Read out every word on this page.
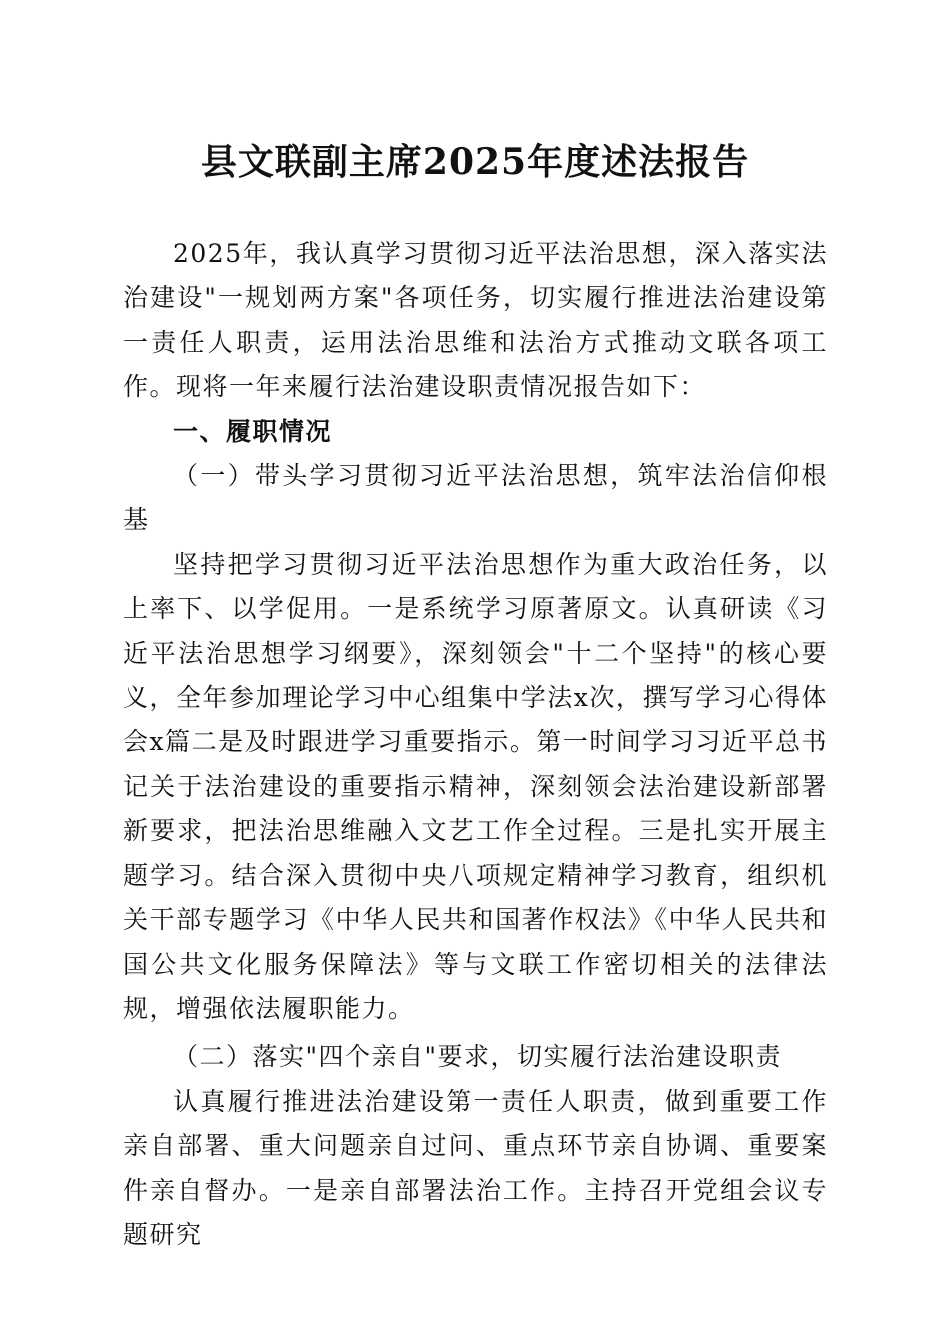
县文联副主席2025年度述法报告

2025年，我认真学习贯彻习近平法治思想，深入落实法治建设"一规划两方案"各项任务，切实履行推进法治建设第一责任人职责，运用法治思维和法治方式推动文联各项工作。现将一年来履行法治建设职责情况报告如下：

一、履职情况

（一）带头学习贯彻习近平法治思想，筑牢法治信仰根基

坚持把学习贯彻习近平法治思想作为重大政治任务，以上率下、以学促用。一是系统学习原著原文。认真研读《习近平法治思想学习纲要》，深刻领会"十二个坚持"的核心要义，全年参加理论学习中心组集中学法x次，撰写学习心得体会x篇二是及时跟进学习重要指示。第一时间学习习近平总书记关于法治建设的重要指示精神，深刻领会法治建设新部署新要求，把法治思维融入文艺工作全过程。三是扎实开展主题学习。结合深入贯彻中央八项规定精神学习教育，组织机关干部专题学习《中华人民共和国著作权法》《中华人民共和国公共文化服务保障法》等与文联工作密切相关的法律法规，增强依法履职能力。

（二）落实"四个亲自"要求，切实履行法治建设职责

认真履行推进法治建设第一责任人职责，做到重要工作亲自部署、重大问题亲自过问、重点环节亲自协调、重要案件亲自督办。一是亲自部署法治工作。主持召开党组会议专题研究
